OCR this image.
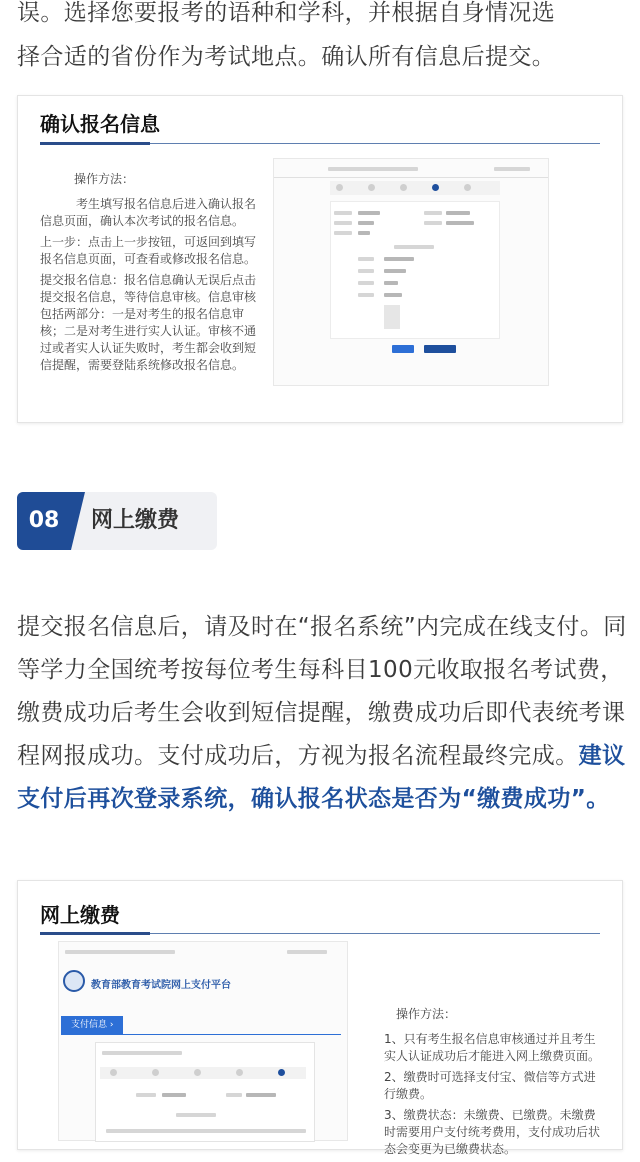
误。选择您要报考的语种和学科，并根据自身情况选
择合适的省份作为考试地点。确认所有信息后提交。
确认报名信息

操作方法：

考生填写报名信息后进入确认报名信息页面，确认本次考试的报名信息。

上一步：点击上一步按钮，可返回到填写报名信息页面，可查看或修改报名信息。

提交报名信息：报名信息确认无误后点击提交报名信息，等待信息审核。信息审核包括两部分：一是对考生的报名信息审核；二是对考生进行实人认证。审核不通过或者实人认证失败时，考生都会收到短信提醒，需要登陆系统修改报名信息。

08	网上缴费
提交报名信息后，请及时在“报名系统”内完成在线支付。同等学力全国统考按每位考生每科目100元收取报名考试费，缴费成功后考生会收到短信提醒，缴费成功后即代表统考课程网报成功。支付成功后，方视为报名流程最终完成。建议支付后再次登录系统，确认报名状态是否为“缴费成功”。
网上缴费
教育部教育考试院网上支付平台
支付信息 ›

操作方法：

1、只有考生报名信息审核通过并且考生实人认证成功后才能进入网上缴费页面。

2、缴费时可选择支付宝、微信等方式进行缴费。

3、缴费状态：未缴费、已缴费。未缴费时需要用户支付统考费用，支付成功后状态会变更为已缴费状态。
